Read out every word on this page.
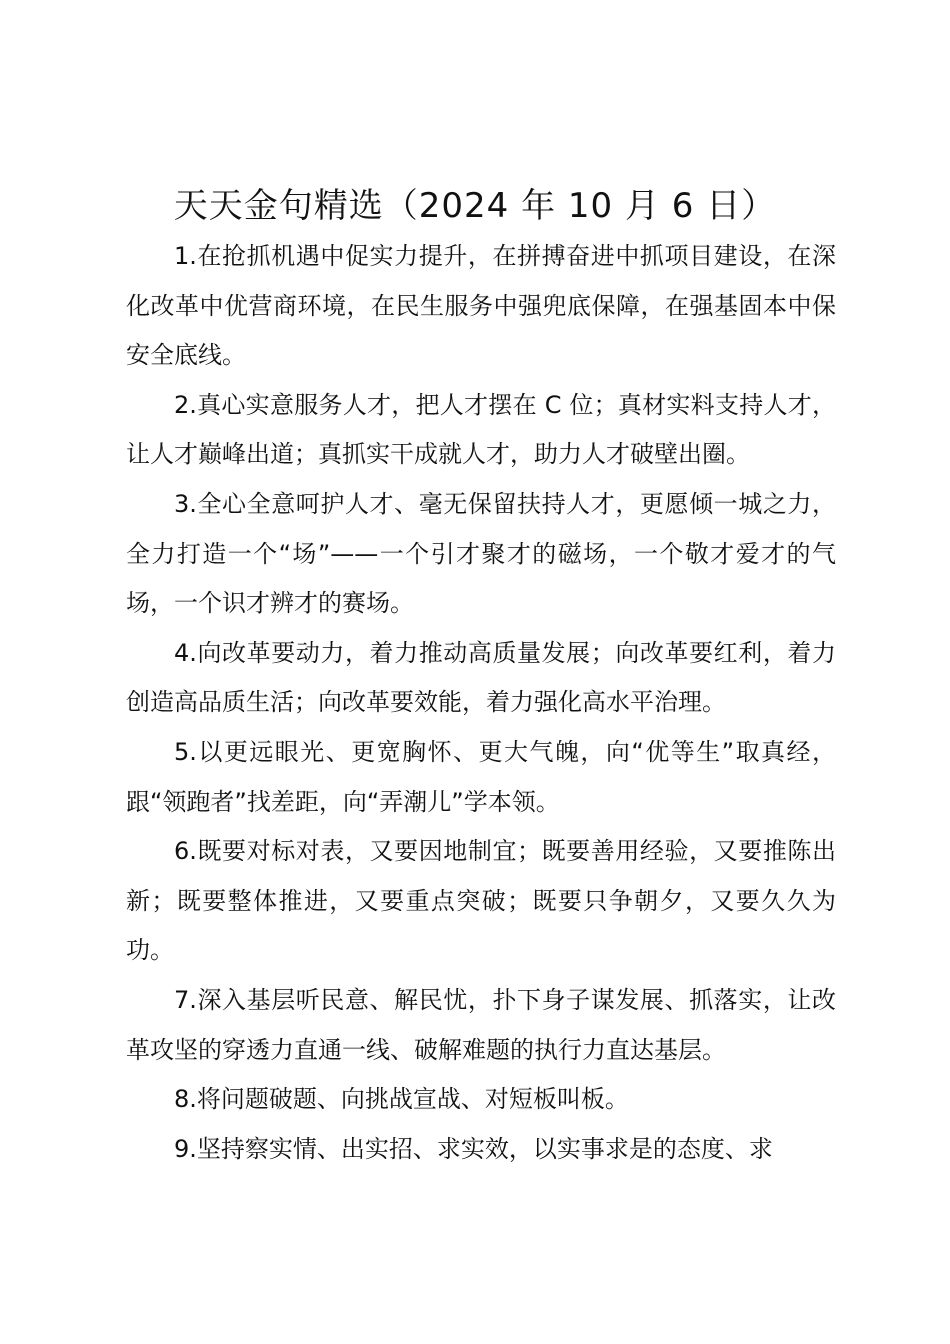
天天金句精选（2024 年 10 月 6 日）

1.在抢抓机遇中促实力提升，在拼搏奋进中抓项目建设，在深化改革中优营商环境，在民生服务中强兜底保障，在强基固本中保安全底线。

2.真心实意服务人才，把人才摆在 C 位；真材实料支持人才，让人才巅峰出道；真抓实干成就人才，助力人才破壁出圈。

3.全心全意呵护人才、毫无保留扶持人才，更愿倾一城之力，全力打造一个“场”——一个引才聚才的磁场，一个敬才爱才的气场，一个识才辨才的赛场。

4.向改革要动力，着力推动高质量发展；向改革要红利，着力创造高品质生活；向改革要效能，着力强化高水平治理。

5.以更远眼光、更宽胸怀、更大气魄，向“优等生”取真经，跟“领跑者”找差距，向“弄潮儿”学本领。

6.既要对标对表，又要因地制宜；既要善用经验，又要推陈出新；既要整体推进，又要重点突破；既要只争朝夕，又要久久为功。

7.深入基层听民意、解民忧，扑下身子谋发展、抓落实，让改革攻坚的穿透力直通一线、破解难题的执行力直达基层。

8.将问题破题、向挑战宣战、对短板叫板。

9.坚持察实情、出实招、求实效，以实事求是的态度、求
